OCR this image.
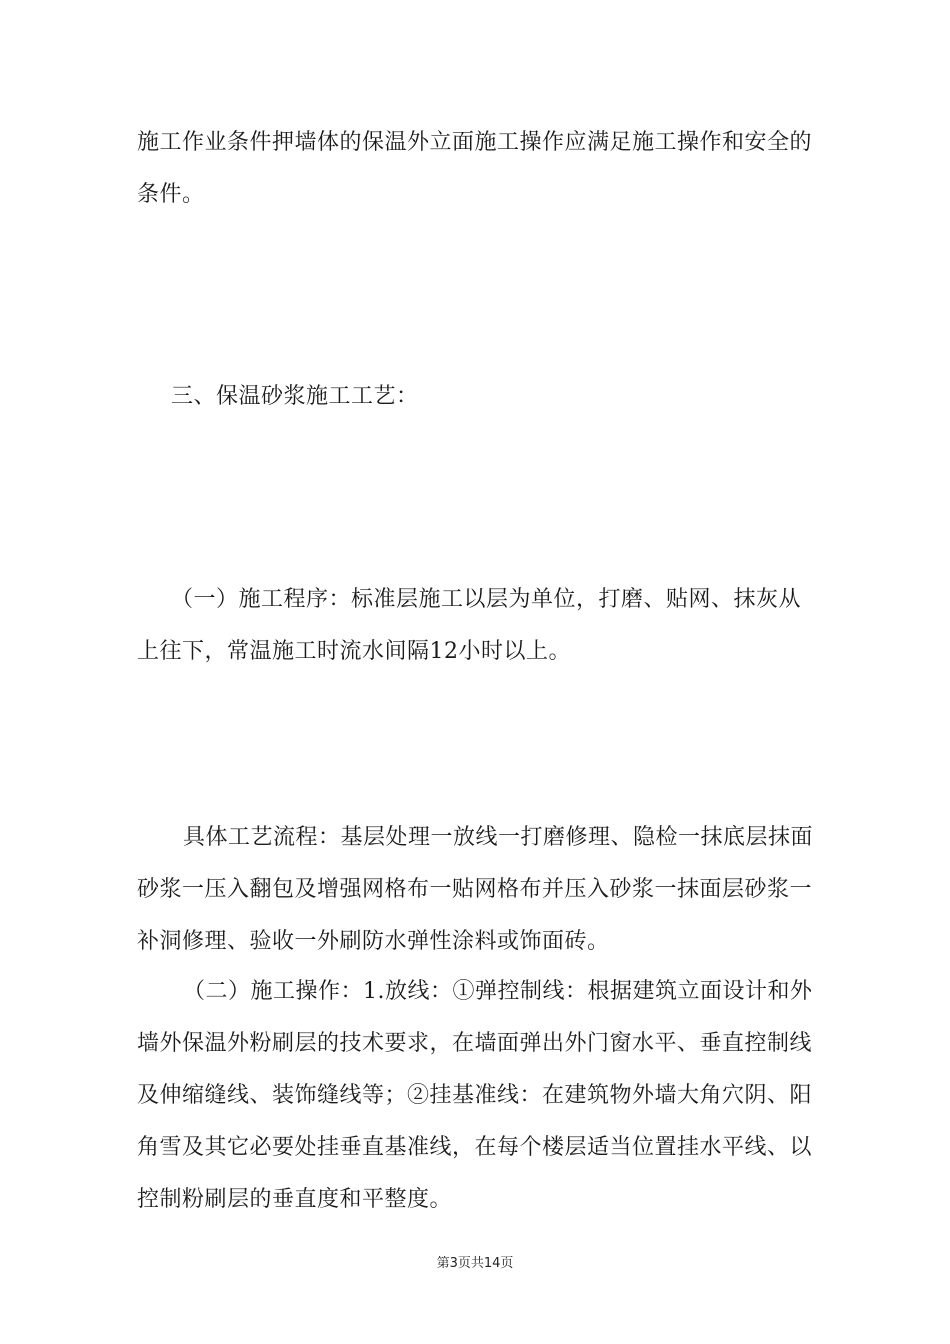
施工作业条件押墙体的保温外立面施工操作应满足施工操作和安全的条件。

三、保温砂浆施工工艺：

（一）施工程序：标准层施工以层为单位，打磨、贴网、抹灰从上往下，常温施工时流水间隔12小时以上。

具体工艺流程：基层处理一放线一打磨修理、隐检一抹底层抹面砂浆一压入翻包及增强网格布一贴网格布并压入砂浆一抹面层砂浆一补洞修理、验收一外刷防水弹性涂料或饰面砖。

（二）施工操作：1.放线：①弹控制线：根据建筑立面设计和外墙外保温外粉刷层的技术要求，在墙面弹出外门窗水平、垂直控制线及伸缩缝线、装饰缝线等；②挂基准线：在建筑物外墙大角穴阴、阳角雪及其它必要处挂垂直基准线，在每个楼层适当位置挂水平线、以控制粉刷层的垂直度和平整度。

第3页共14页
